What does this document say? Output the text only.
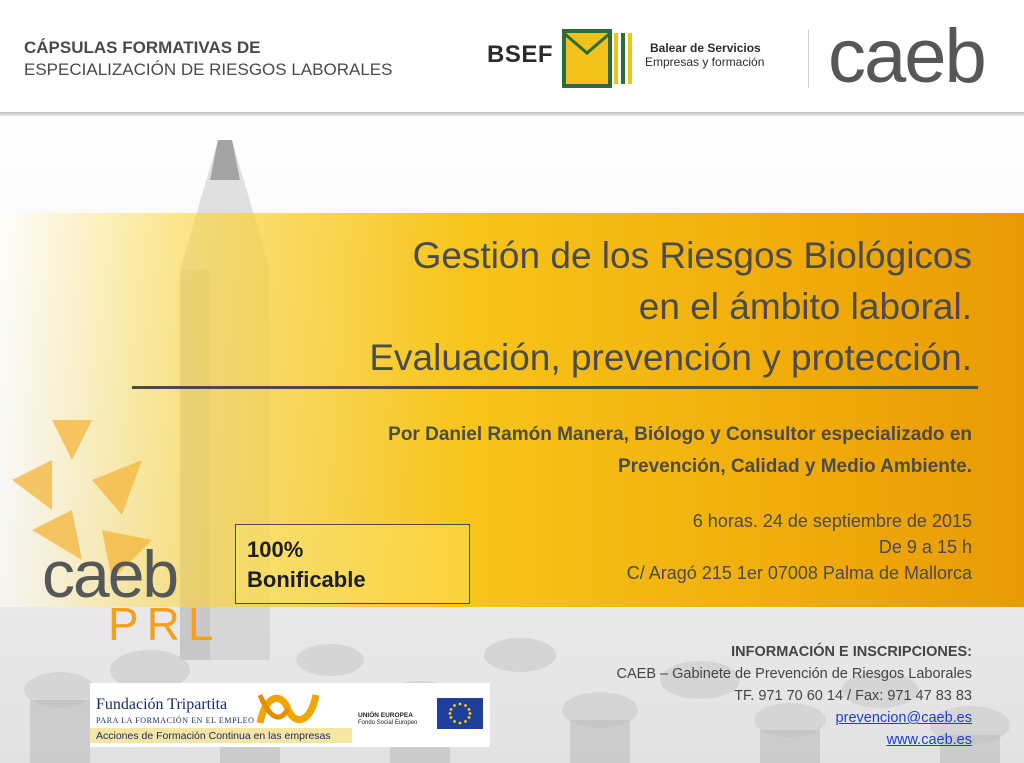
CÁPSULAS FORMATIVAS DE
ESPECIALIZACIÓN DE RIESGOS LABORALES
BSEF	Balear de Servicios
Empresas y formación caeb
Gestión de los Riesgos Biológicos
en el ámbito laboral.
Evaluación, prevención y protección.
Por Daniel Ramón Manera, Biólogo y Consultor especializado en
Prevención, Calidad y Medio Ambiente.
6 horas. 24 de septiembre de 2015
De 9 a 15 h
C/ Aragó 215 1er 07008 Palma de Mallorca
100%
Bonificable
caeb
PRL
INFORMACIÓN E INSCRIPCIONES:
CAEB – Gabinete de Prevención de Riesgos Laborales
TF. 971 70 60 14 / Fax: 971 47 83 83
prevencion@caeb.es
www.caeb.es
Fundación Tripartita
PARA LA FORMACIÓN EN EL EMPLEO
Acciones de Formación Continua en las empresas
UNIÓN EUROPEA
Fondo Social Europeo
